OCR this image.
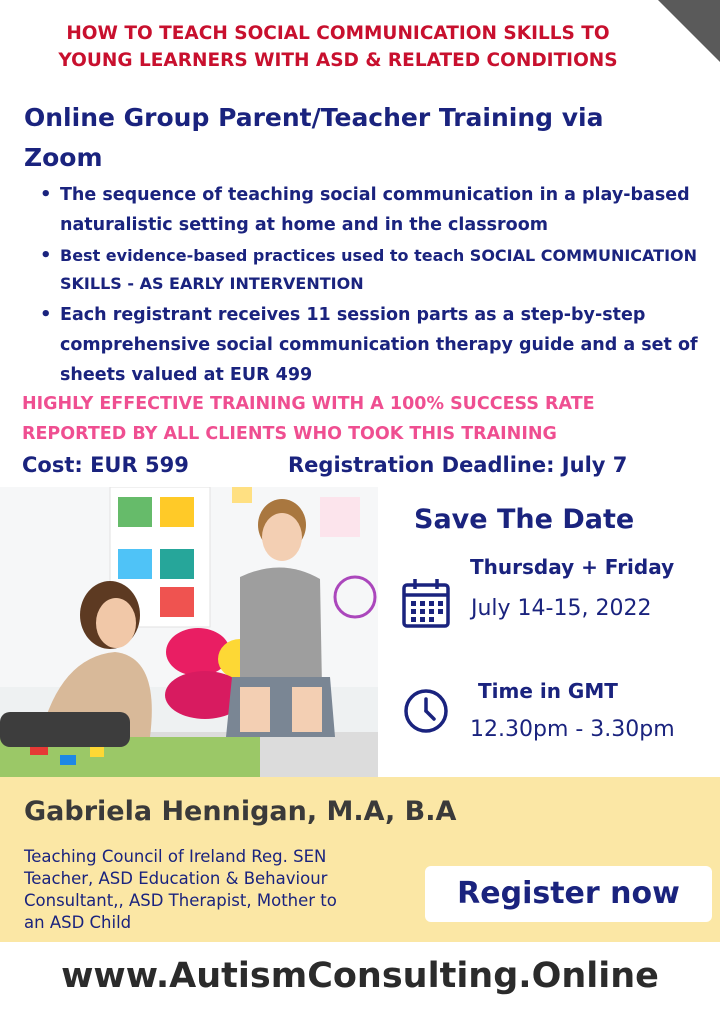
HOW TO TEACH SOCIAL COMMUNICATION SKILLS TO
YOUNG LEARNERS WITH ASD & RELATED CONDITIONS
Online Group Parent/Teacher Training via Zoom
• The sequence of teaching social communication in a play-based naturalistic setting at home and in the classroom
• Best evidence-based practices used to teach SOCIAL COMMUNICATION SKILLS - AS EARLY INTERVENTION
• Each registrant receives 11 session parts as a step-by-step comprehensive social communication therapy guide and a set of sheets valued at EUR 499
HIGHLY EFFECTIVE TRAINING WITH A 100% SUCCESS RATE
REPORTED BY ALL CLIENTS WHO TOOK THIS TRAINING
Cost: EUR 599	Registration Deadline: July 7
Save The Date
Thursday + Friday
July 14-15, 2022
Time in GMT
12.30pm - 3.30pm
Gabriela Hennigan, M.A, B.A
Teaching Council of Ireland Reg. SEN
Teacher, ASD Education & Behaviour
Consultant,, ASD Therapist, Mother to
an ASD Child
Register now
www.AutismConsulting.Online
